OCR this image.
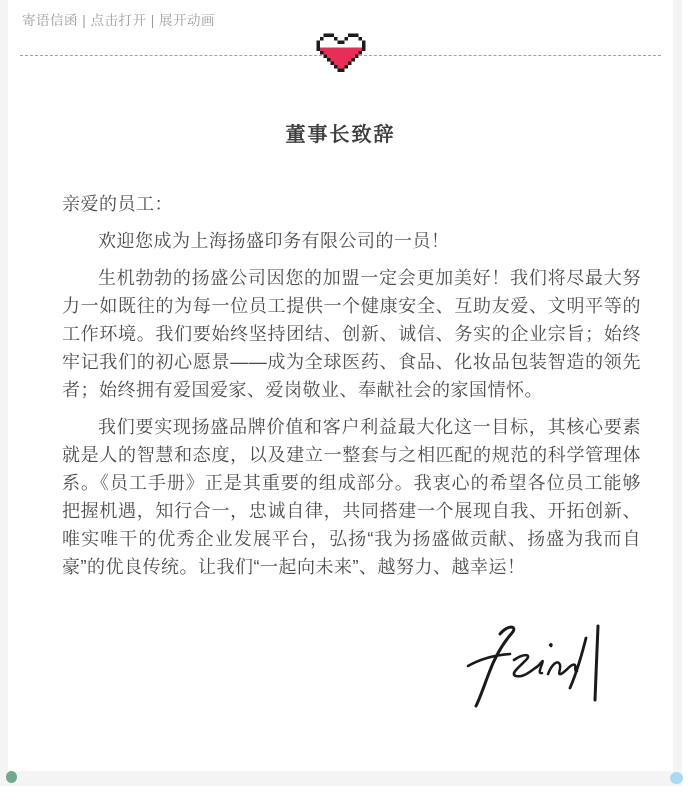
寄语信函 | 点击打开 | 展开动画
董事长致辞

亲爱的员工：

欢迎您成为上海扬盛印务有限公司的一员！

生机勃勃的扬盛公司因您的加盟一定会更加美好！我们将尽最大努力一如既往的为每一位员工提供一个健康安全、互助友爱、文明平等的工作环境。我们要始终坚持团结、创新、诚信、务实的企业宗旨；始终牢记我们的初心愿景——成为全球医药、食品、化妆品包装智造的领先者；始终拥有爱国爱家、爱岗敬业、奉献社会的家国情怀。

我们要实现扬盛品牌价值和客户利益最大化这一目标，其核心要素就是人的智慧和态度，以及建立一整套与之相匹配的规范的科学管理体系。《员工手册》正是其重要的组成部分。我衷心的希望各位员工能够把握机遇，知行合一，忠诚自律，共同搭建一个展现自我、开拓创新、唯实唯干的优秀企业发展平台，弘扬“我为扬盛做贡献、扬盛为我而自豪”的优良传统。让我们“一起向未来”、越努力、越幸运！
